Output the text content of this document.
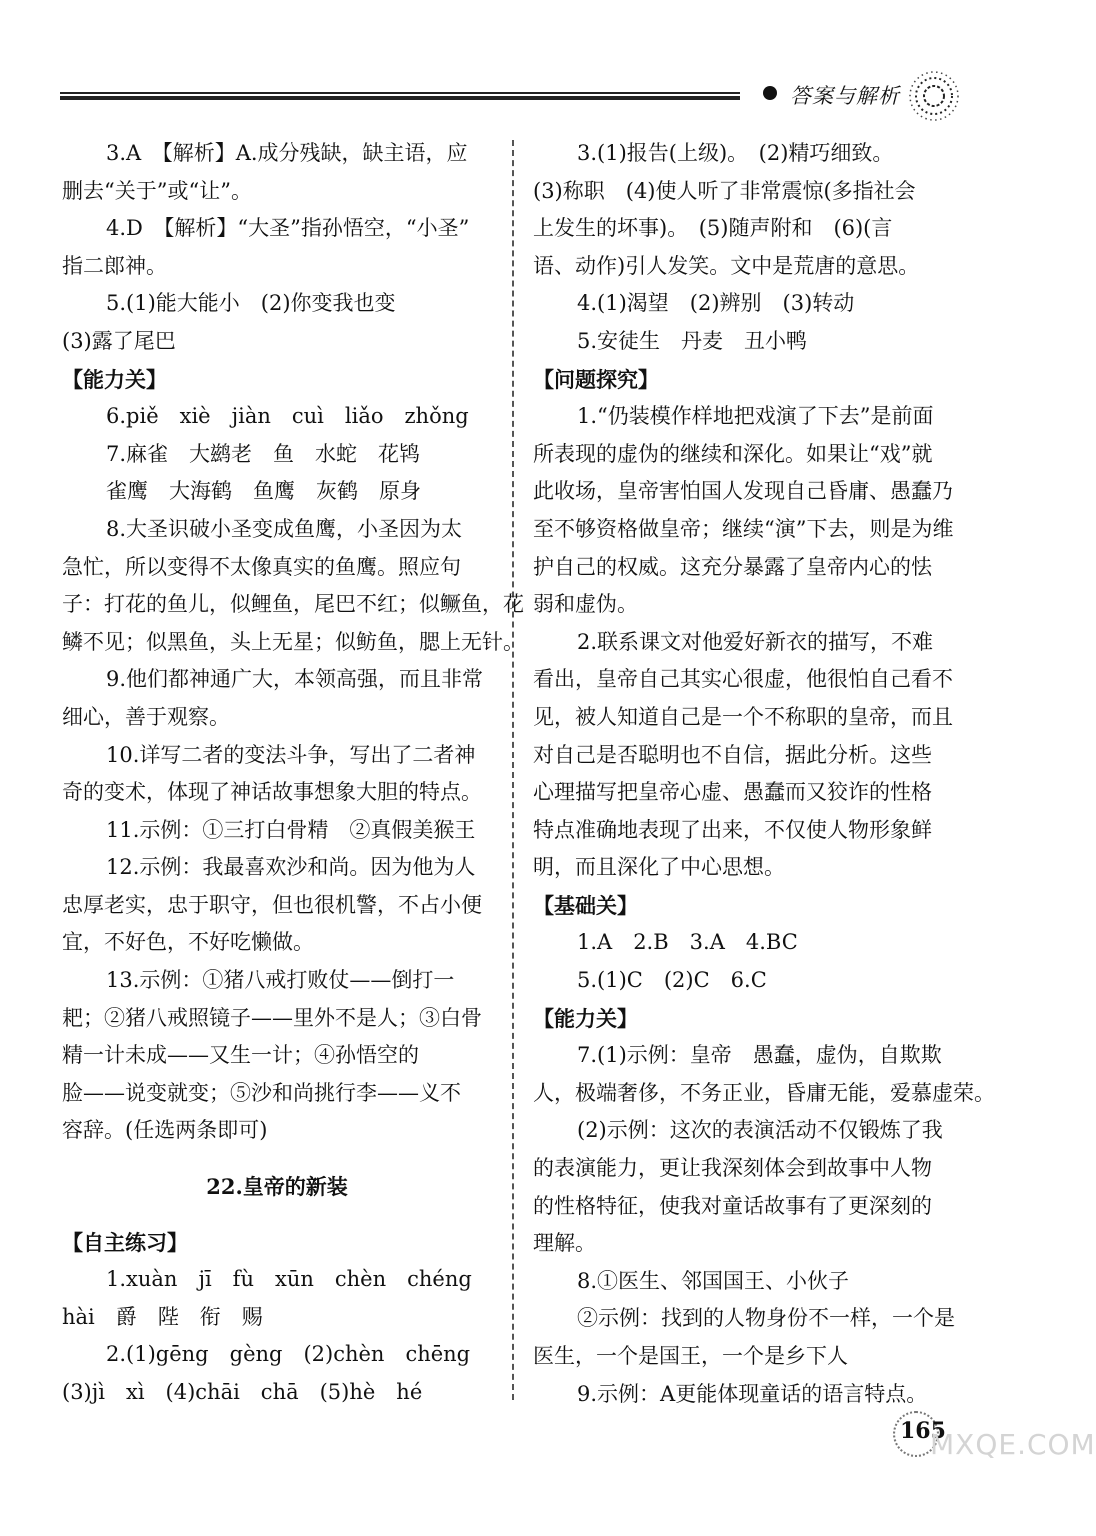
答案与解析

3.A　【解析】A.成分残缺，缺主语，应

删去“关于”或“让”。

4.D　【解析】“大圣”指孙悟空，“小圣”

指二郎神。

5.(1)能大能小　(2)你变我也变

(3)露了尾巴

【能力关】

6.piě　xiè　jiàn　cuì　liǎo　zhǒng

7.麻雀　大鹚老　鱼　水蛇　花鸨

雀鹰　大海鹤　鱼鹰　灰鹤　原身

8.大圣识破小圣变成鱼鹰，小圣因为太

急忙，所以变得不太像真实的鱼鹰。照应句

子：打花的鱼儿，似鲤鱼，尾巴不红；似鳜鱼，花

鳞不见；似黑鱼，头上无星；似鲂鱼，腮上无针。

9.他们都神通广大，本领高强，而且非常

细心，善于观察。

10.详写二者的变法斗争，写出了二者神

奇的变术，体现了神话故事想象大胆的特点。

11.示例：①三打白骨精　②真假美猴王

12.示例：我最喜欢沙和尚。因为他为人

忠厚老实，忠于职守，但也很机警，不占小便

宜，不好色，不好吃懒做。

13.示例：①猪八戒打败仗——倒打一

耙；②猪八戒照镜子——里外不是人；③白骨

精一计未成——又生一计；④孙悟空的

脸——说变就变；⑤沙和尚挑行李——义不

容辞。(任选两条即可)

22.皇帝的新装

【自主练习】

1.xuàn　jī　fù　xūn　chèn　chéng

hài　爵　陛　衔　赐

2.(1)gēng　gèng　(2)chèn　chēng

(3)jì　xì　(4)chāi　chā　(5)hè　hé

3.(1)报告(上级)。　(2)精巧细致。

(3)称职　(4)使人听了非常震惊(多指社会

上发生的坏事)。　(5)随声附和　(6)(言

语、动作)引人发笑。文中是荒唐的意思。

4.(1)渴望　(2)辨别　(3)转动

5.安徒生　丹麦　丑小鸭

【问题探究】

1.“仍装模作样地把戏演了下去”是前面

所表现的虚伪的继续和深化。如果让“戏”就

此收场，皇帝害怕国人发现自己昏庸、愚蠢乃

至不够资格做皇帝；继续“演”下去，则是为维

护自己的权威。这充分暴露了皇帝内心的怯

弱和虚伪。

2.联系课文对他爱好新衣的描写，不难

看出，皇帝自己其实心很虚，他很怕自己看不

见，被人知道自己是一个不称职的皇帝，而且

对自己是否聪明也不自信，据此分析。这些

心理描写把皇帝心虚、愚蠢而又狡诈的性格

特点准确地表现了出来，不仅使人物形象鲜

明，而且深化了中心思想。

【基础关】

1.A　2.B　3.A　4.BC

5.(1)C　(2)C　6.C

【能力关】

7.(1)示例：皇帝　愚蠢，虚伪，自欺欺

人，极端奢侈，不务正业，昏庸无能，爱慕虚荣。

(2)示例：这次的表演活动不仅锻炼了我

的表演能力，更让我深刻体会到故事中人物

的性格特征，使我对童话故事有了更深刻的

理解。

8.①医生、邻国国王、小伙子

②示例：找到的人物身份不一样，一个是

医生，一个是国王，一个是乡下人

9.示例：A更能体现童话的语言特点。

165
MXQE.COM
